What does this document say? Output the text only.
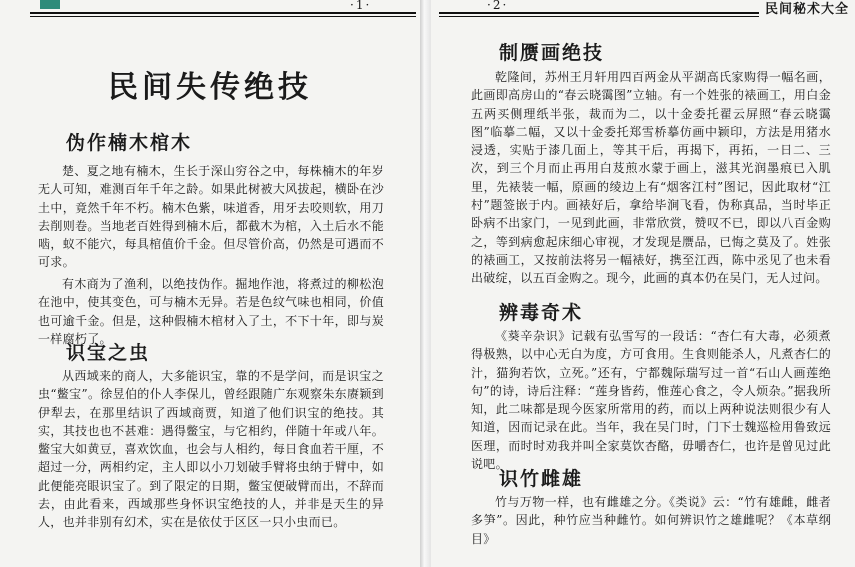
·1·
民间失传绝技
伪作楠木棺木

楚、夏之地有楠木，生长于深山穷谷之中，每株楠木的年岁无人可知，难测百年千年之龄。如果此树被大风拔起，横卧在沙土中，竟然千年不朽。楠木色紫，味道香，用牙去咬则软，用刀去削则卷。当地老百姓得到楠木后，都截木为棺，入土后水不能啮，蚁不能穴，每具棺值价千金。但尽管价高，仍然是可遇而不可求。

有木商为了渔利，以绝技伪作。掘地作池，将煮过的柳松泡在池中，使其变色，可与楠木无异。若是色纹气味也相同，价值也可逾千金。但是，这种假楠木棺材入了土，不下十年，即与炭一样腐朽了。

识宝之虫

从西域来的商人，大多能识宝，靠的不是学问，而是识宝之虫“鳖宝”。徐昱伯的仆人李保儿，曾经跟随广东观察朱东赓颖到伊犁去，在那里结识了西域商贾，知道了他们识宝的绝技。其实，其技也也不甚难：遇得鳖宝，与它相约，伴随十年或八年。鳖宝大如黄豆，喜欢饮血，也会与人相约，每日食血若干厘，不超过一分，两相约定，主人即以小刀划破手臂将虫纳于臂中，如此便能亮眼识宝了。到了限定的日期，鳖宝便破臂而出，不辞而去，由此看来，西域那些身怀识宝绝技的人，并非是天生的异人，也并非别有幻术，实在是依仗于区区一只小虫而已。

·2·	民间秘术大全
制赝画绝技

乾隆间，苏州王月轩用四百两金从平湖高氏家购得一幅名画，此画即高房山的“春云晓霭图”立轴。有一个姓张的裱画工，用白金五两买侧理纸半张，裁而为二，以十金委托翟云屏照“春云晓霭图”临摹二幅，又以十金委托郑雪桥摹仿画中颖印，方法是用猪水浸透，实贴于漆几面上，等其干后，再揭下，再拓，一日二、三次，到三个月而止再用白芨煎水蒙于画上，滋其光润墨痕已入肌里，先裱装一幅，原画的绫边上有“烟客江村”图记，因此取材“江村”题签嵌于内。画裱好后，拿给毕涧飞看，伪称真品，当时毕正卧病不出家门，一见到此画，非常欣赏，赞叹不已，即以八百金购之，等到病愈起床细心审视，才发现是赝品，已悔之莫及了。姓张的裱画工，又按前法将另一幅裱好，携至江西，陈中丞见了也未看出破绽，以五百金购之。现今，此画的真本仍在吴门，无人过问。

辨毒奇术

《葵辛杂识》记载有弘雪写的一段话：“杏仁有大毒，必须煮得极熟，以中心无白为度，方可食用。生食则能杀人，凡煮杏仁的汁，猫狗若饮，立死。”还有，宁都魏际瑞写过一首“石山人画莲绝句”的诗，诗后注释：“莲身皆药，惟莲心食之，令人烦杂。”据我所知，此二味都是现今医家所常用的药，而以上两种说法则很少有人知道，因而记录在此。当年，我在吴门时，门下士魏巡检用鲁致远医理，而时时劝我并叫全家莫饮杏酪，毋嚼杏仁，也许是曾见过此说吧。

识竹雌雄

竹与万物一样，也有雌雄之分。《类说》云：“竹有雄雌，雌者多笋”。因此，种竹应当种雌竹。如何辨识竹之雄雌呢？《本草纲目》
